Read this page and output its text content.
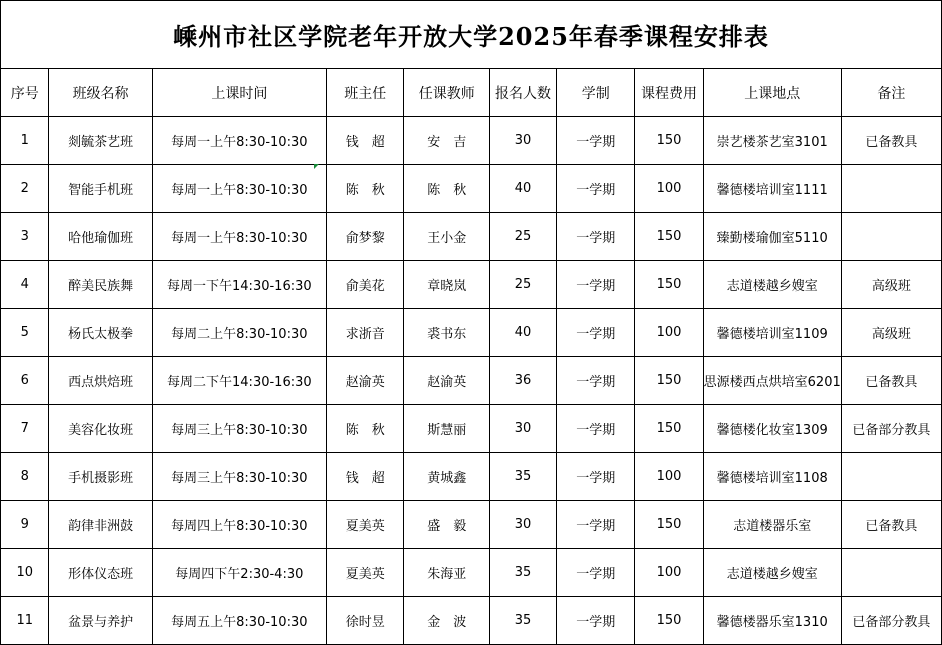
嵊州市社区学院老年开放大学2025年春季课程安排表
序号	班级名称	上课时间	班主任	任课教师	报名人数	学制	课程费用	上课地点	备注
1	剡毓茶艺班	每周一上午8:30-10:30	钱　超	安　吉	30	一学期	150	崇艺楼茶艺室3101	已备教具
2	智能手机班	每周一上午8:30-10:30	陈　秋	陈　秋	40	一学期	100	馨德楼培训室1111	
3	哈他瑜伽班	每周一上午8:30-10:30	俞梦黎	王小金	25	一学期	150	臻勤楼瑜伽室5110	
4	醉美民族舞	每周一下午14:30-16:30	俞美花	章晓岚	25	一学期	150	志道楼越乡嫂室	高级班
5	杨氏太极拳	每周二上午8:30-10:30	求浙音	裘书东	40	一学期	100	馨德楼培训室1109	高级班
6	西点烘焙班	每周二下午14:30-16:30	赵渝英	赵渝英	36	一学期	150	思源楼西点烘培室6201	已备教具
7	美容化妆班	每周三上午8:30-10:30	陈　秋	斯慧丽	30	一学期	150	馨德楼化妆室1309	已备部分教具
8	手机摄影班	每周三上午8:30-10:30	钱　超	黄城鑫	35	一学期	100	馨德楼培训室1108	
9	韵律非洲鼓	每周四上午8:30-10:30	夏美英	盛　毅	30	一学期	150	志道楼器乐室	已备教具
10	形体仪态班	每周四下午2:30-4:30	夏美英	朱海亚	35	一学期	100	志道楼越乡嫂室	
11	盆景与养护	每周五上午8:30-10:30	徐时昱	金　波	35	一学期	150	馨德楼器乐室1310	已备部分教具
